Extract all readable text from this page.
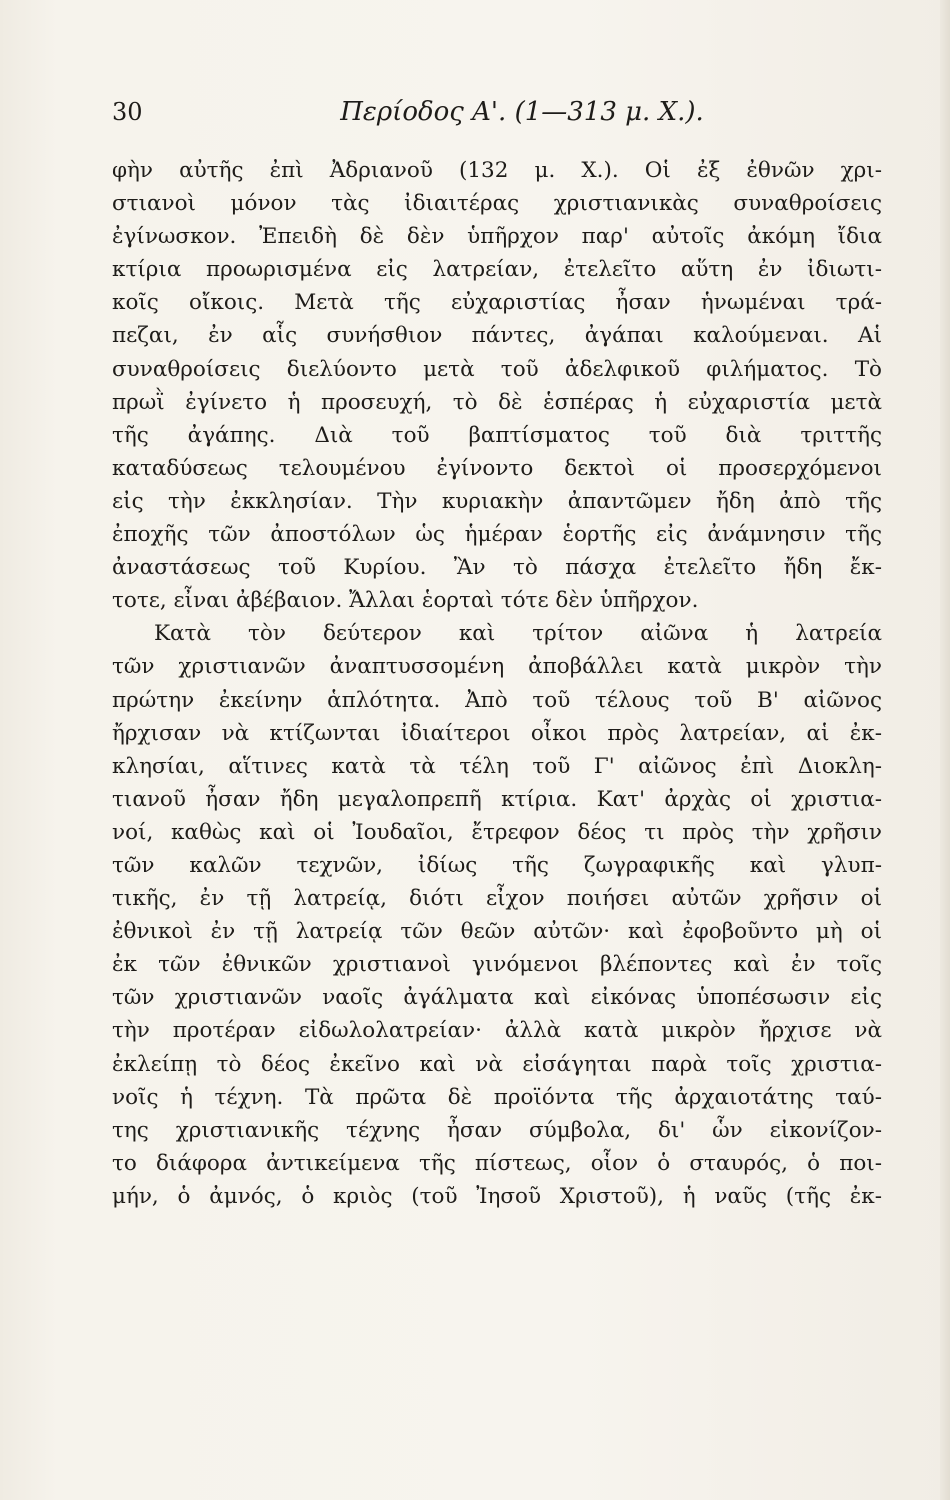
30	Περίοδος Α'. (1—313 μ. Χ.).
φὴν αὐτῆς ἐπὶ Ἀδριανοῦ (132 μ. Χ.). Οἱ ἐξ ἐθνῶν χρι-
στιανοὶ μόνον τὰς ἰδιαιτέρας χριστιανικὰς συναθροίσεις
ἐγίνωσκον. Ἐπειδὴ δὲ δὲν ὑπῆρχον παρ' αὐτοῖς ἀκόμη ἴδια
κτίρια προωρισμένα εἰς λατρείαν, ἐτελεῖτο αὕτη ἐν ἰδιωτι-
κοῖς οἴκοις. Μετὰ τῆς εὐχαριστίας ἦσαν ἡνωμέναι τρά-
πεζαι, ἐν αἷς συνήσθιον πάντες, ἀγάπαι καλούμεναι. Αἱ
συναθροίσεις διελύοντο μετὰ τοῦ ἀδελφικοῦ φιλήματος. Τὸ
πρωῒ ἐγίνετο ἡ προσευχή, τὸ δὲ ἑσπέρας ἡ εὐχαριστία μετὰ
τῆς ἀγάπης. Διὰ τοῦ βαπτίσματος τοῦ διὰ τριττῆς
καταδύσεως τελουμένου ἐγίνοντο δεκτοὶ οἱ προσερχόμενοι
εἰς τὴν ἐκκλησίαν. Τὴν κυριακὴν ἀπαντῶμεν ἤδη ἀπὸ τῆς
ἐποχῆς τῶν ἀποστόλων ὡς ἡμέραν ἑορτῆς εἰς ἀνάμνησιν τῆς
ἀναστάσεως τοῦ Κυρίου. Ἂν τὸ πάσχα ἐτελεῖτο ἤδη ἔκ-
τοτε, εἶναι ἀβέβαιον. Ἄλλαι ἑορταὶ τότε δὲν ὑπῆρχον.
Κατὰ τὸν δεύτερον καὶ τρίτον αἰῶνα ἡ λατρεία
τῶν χριστιανῶν ἀναπτυσσομένη ἀποβάλλει κατὰ μικρὸν τὴν
πρώτην ἐκείνην ἁπλότητα. Ἀπὸ τοῦ τέλους τοῦ Β' αἰῶνος
ἤρχισαν νὰ κτίζωνται ἰδιαίτεροι οἶκοι πρὸς λατρείαν, αἱ ἐκ-
κλησίαι, αἵτινες κατὰ τὰ τέλη τοῦ Γ' αἰῶνος ἐπὶ Διοκλη-
τιανοῦ ἦσαν ἤδη μεγαλοπρεπῆ κτίρια. Κατ' ἀρχὰς οἱ χριστια-
νοί, καθὼς καὶ οἱ Ἰουδαῖοι, ἔτρεφον δέος τι πρὸς τὴν χρῆσιν
τῶν καλῶν τεχνῶν, ἰδίως τῆς ζωγραφικῆς καὶ γλυπ-
τικῆς, ἐν τῇ λατρείᾳ, διότι εἶχον ποιήσει αὐτῶν χρῆσιν οἱ
ἐθνικοὶ ἐν τῇ λατρείᾳ τῶν θεῶν αὐτῶν· καὶ ἐφοβοῦντο μὴ οἱ
ἐκ τῶν ἐθνικῶν χριστιανοὶ γινόμενοι βλέποντες καὶ ἐν τοῖς
τῶν χριστιανῶν ναοῖς ἀγάλματα καὶ εἰκόνας ὑποπέσωσιν εἰς
τὴν προτέραν εἰδωλολατρείαν· ἀλλὰ κατὰ μικρὸν ἤρχισε νὰ
ἐκλείπῃ τὸ δέος ἐκεῖνο καὶ νὰ εἰσάγηται παρὰ τοῖς χριστια-
νοῖς ἡ τέχνη. Τὰ πρῶτα δὲ προϊόντα τῆς ἀρχαιοτάτης ταύ-
της χριστιανικῆς τέχνης ἦσαν σύμβολα, δι' ὧν εἰκονίζον-
το διάφορα ἀντικείμενα τῆς πίστεως, οἷον ὁ σταυρός, ὁ ποι-
μήν, ὁ ἀμνός, ὁ κριὸς (τοῦ Ἰησοῦ Χριστοῦ), ἡ ναῦς (τῆς ἐκ-
